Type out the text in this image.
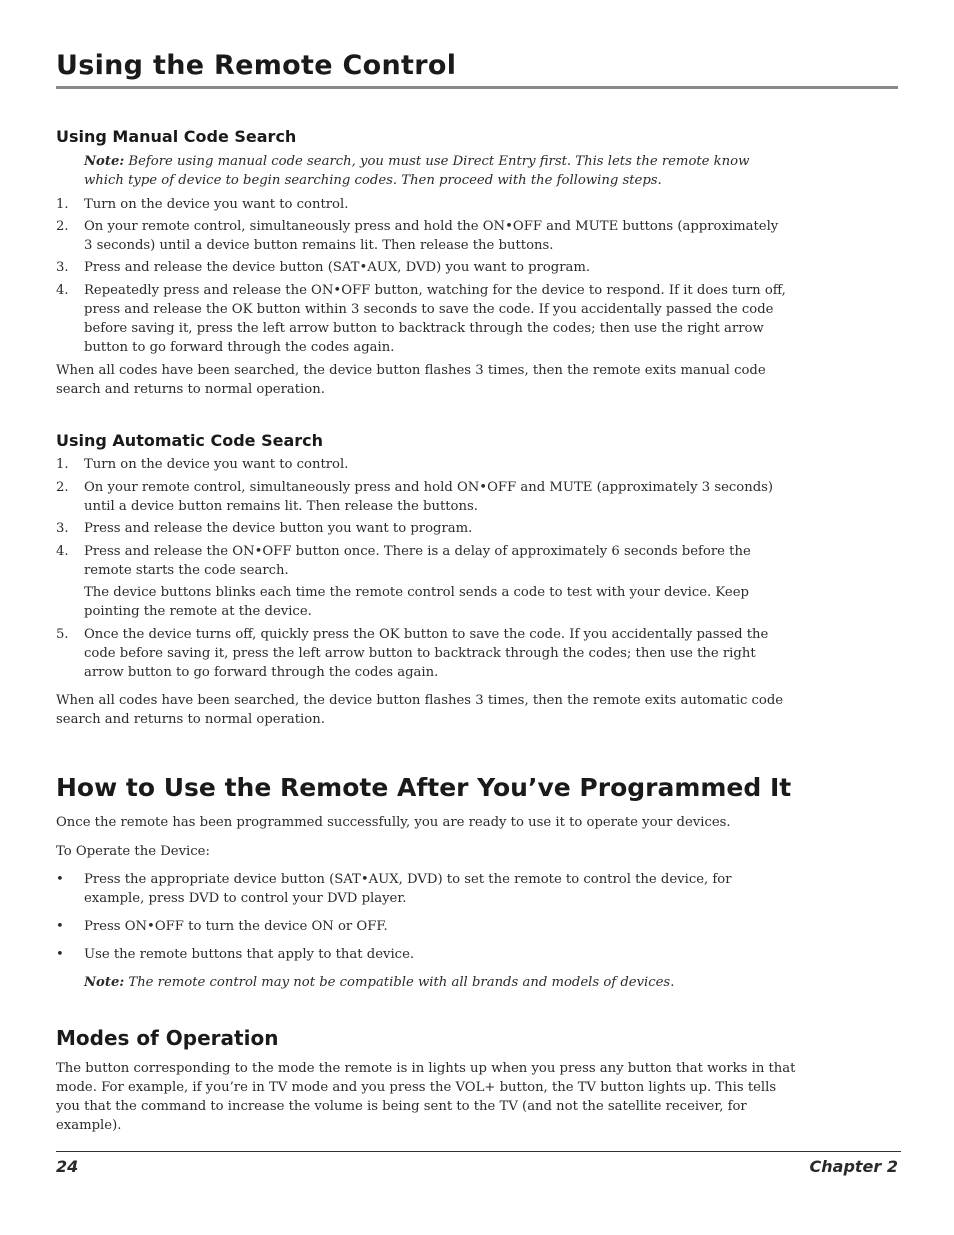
Using the Remote Control
Using Manual Code Search

Note: Before using manual code search, you must use Direct Entry first. This lets the remote know which type of device to begin searching codes. Then proceed with the following steps.

1. Turn on the device you want to control.
2. On your remote control, simultaneously press and hold the ON•OFF and MUTE buttons (approximately 3 seconds) until a device button remains lit. Then release the buttons.
3. Press and release the device button (SAT•AUX, DVD) you want to program.
4. Repeatedly press and release the ON•OFF button, watching for the device to respond. If it does turn off, press and release the OK button within 3 seconds to save the code. If you accidentally passed the code before saving it, press the left arrow button to backtrack through the codes; then use the right arrow button to go forward through the codes again.

When all codes have been searched, the device button flashes 3 times, then the remote exits manual code search and returns to normal operation.

Using Automatic Code Search
1. Turn on the device you want to control.
2. On your remote control, simultaneously press and hold ON•OFF and MUTE (approximately 3 seconds) until a device button remains lit. Then release the buttons.
3. Press and release the device button you want to program.
4. Press and release the ON•OFF button once. There is a delay of approximately 6 seconds before the remote starts the code search.

The device buttons blinks each time the remote control sends a code to test with your device. Keep pointing the remote at the device.

5. Once the device turns off, quickly press the OK button to save the code. If you accidentally passed the code before saving it, press the left arrow button to backtrack through the codes; then use the right arrow button to go forward through the codes again.

When all codes have been searched, the device button flashes 3 times, then the remote exits automatic code search and returns to normal operation.

How to Use the Remote After You’ve Programmed It

Once the remote has been programmed successfully, you are ready to use it to operate your devices.

To Operate the Device:

• Press the appropriate device button (SAT•AUX, DVD) to set the remote to control the device, for example, press DVD to control your DVD player.
• Press ON•OFF to turn the device ON or OFF.
• Use the remote buttons that apply to that device.

Note: The remote control may not be compatible with all brands and models of devices.

Modes of Operation

The button corresponding to the mode the remote is in lights up when you press any button that works in that mode. For example, if you’re in TV mode and you press the VOL+ button, the TV button lights up. This tells you that the command to increase the volume is being sent to the TV (and not the satellite receiver, for example).

24	Chapter 2
